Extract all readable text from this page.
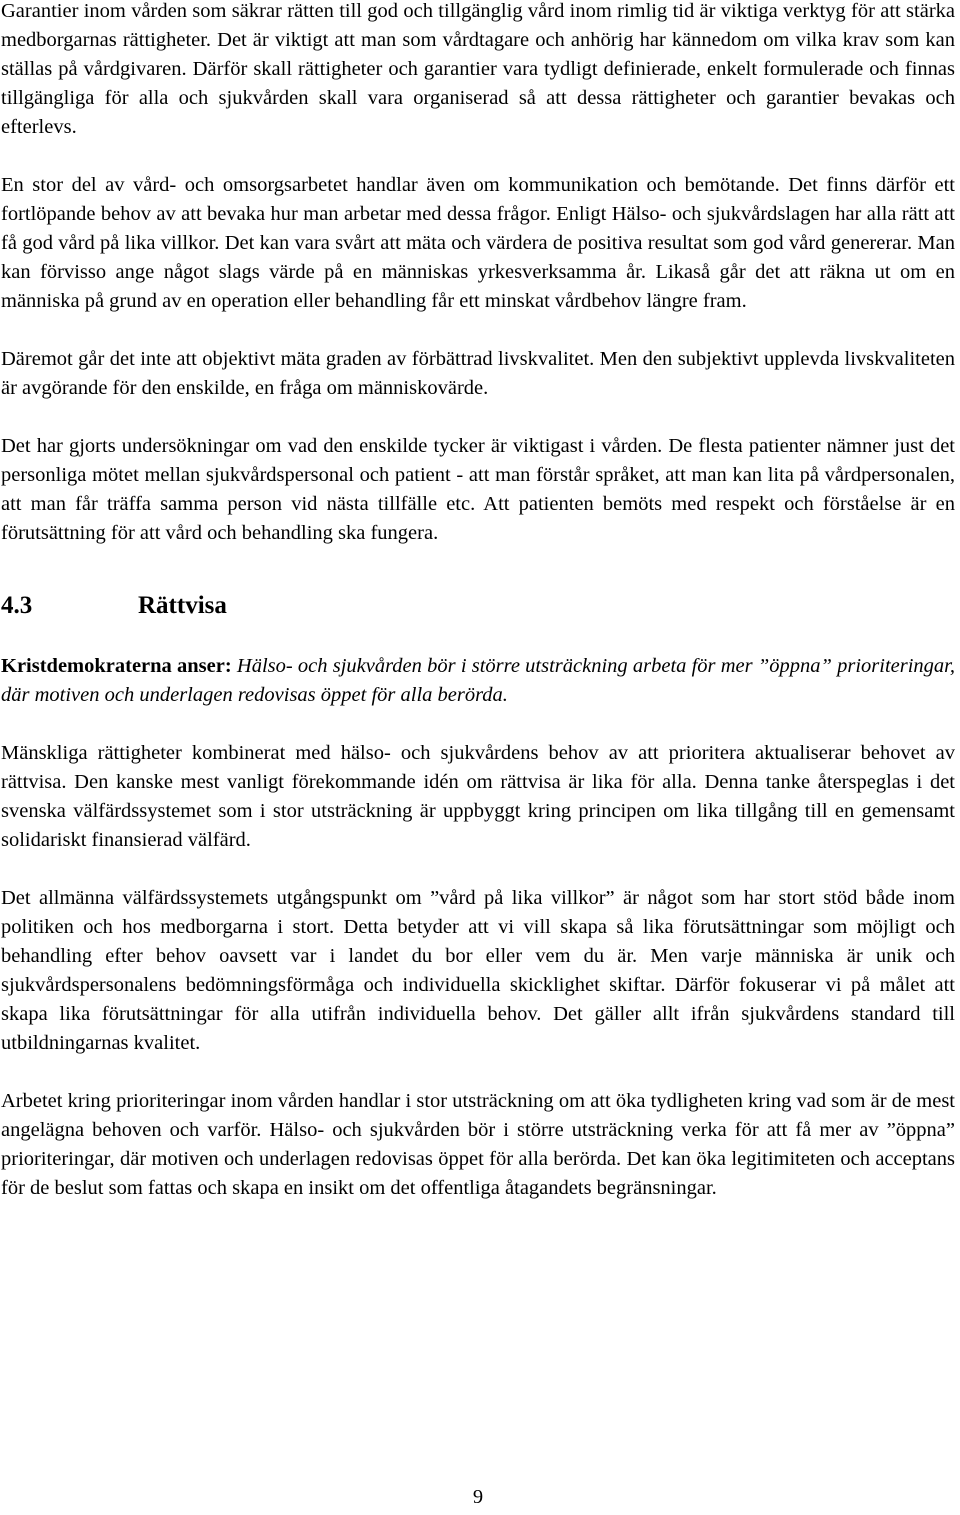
Garantier inom vården som säkrar rätten till god och tillgänglig vård inom rimlig tid är viktiga verktyg för att stärka medborgarnas rättigheter. Det är viktigt att man som vårdtagare och anhörig har kännedom om vilka krav som kan ställas på vårdgivaren. Därför skall rättigheter och garantier vara tydligt definierade, enkelt formulerade och finnas tillgängliga för alla och sjukvården skall vara organiserad så att dessa rättigheter och garantier bevakas och efterlevs.

En stor del av vård- och omsorgsarbetet handlar även om kommunikation och bemötande. Det finns därför ett fortlöpande behov av att bevaka hur man arbetar med dessa frågor. Enligt Hälso- och sjukvårdslagen har alla rätt att få god vård på lika villkor. Det kan vara svårt att mäta och värdera de positiva resultat som god vård genererar. Man kan förvisso ange något slags värde på en människas yrkesverksamma år. Likaså går det att räkna ut om en människa på grund av en operation eller behandling får ett minskat vårdbehov längre fram.

Däremot går det inte att objektivt mäta graden av förbättrad livskvalitet. Men den subjektivt upplevda livskvaliteten är avgörande för den enskilde, en fråga om människovärde.

Det har gjorts undersökningar om vad den enskilde tycker är viktigast i vården. De flesta patienter nämner just det personliga mötet mellan sjukvårdspersonal och patient - att man förstår språket, att man kan lita på vårdpersonalen, att man får träffa samma person vid nästa tillfälle etc. Att patienten bemöts med respekt och förståelse är en förutsättning för att vård och behandling ska fungera.

4.3	Rättvisa

Kristdemokraterna anser: Hälso- och sjukvården bör i större utsträckning arbeta för mer ”öppna” prioriteringar, där motiven och underlagen redovisas öppet för alla berörda.

Mänskliga rättigheter kombinerat med hälso- och sjukvårdens behov av att prioritera aktualiserar behovet av rättvisa. Den kanske mest vanligt förekommande idén om rättvisa är lika för alla. Denna tanke återspeglas i det svenska välfärdssystemet som i stor utsträckning är uppbyggt kring principen om lika tillgång till en gemensamt solidariskt finansierad välfärd.

Det allmänna välfärdssystemets utgångspunkt om ”vård på lika villkor” är något som har stort stöd både inom politiken och hos medborgarna i stort. Detta betyder att vi vill skapa så lika förutsättningar som möjligt och behandling efter behov oavsett var i landet du bor eller vem du är. Men varje människa är unik och sjukvårdspersonalens bedömningsförmåga och individuella skicklighet skiftar. Därför fokuserar vi på målet att skapa lika förutsättningar för alla utifrån individuella behov. Det gäller allt ifrån sjukvårdens standard till utbildningarnas kvalitet.

Arbetet kring prioriteringar inom vården handlar i stor utsträckning om att öka tydligheten kring vad som är de mest angelägna behoven och varför. Hälso- och sjukvården bör i större utsträckning verka för att få mer av ”öppna” prioriteringar, där motiven och underlagen redovisas öppet för alla berörda. Det kan öka legitimiteten och acceptans för de beslut som fattas och skapa en insikt om det offentliga åtagandets begränsningar.

9
